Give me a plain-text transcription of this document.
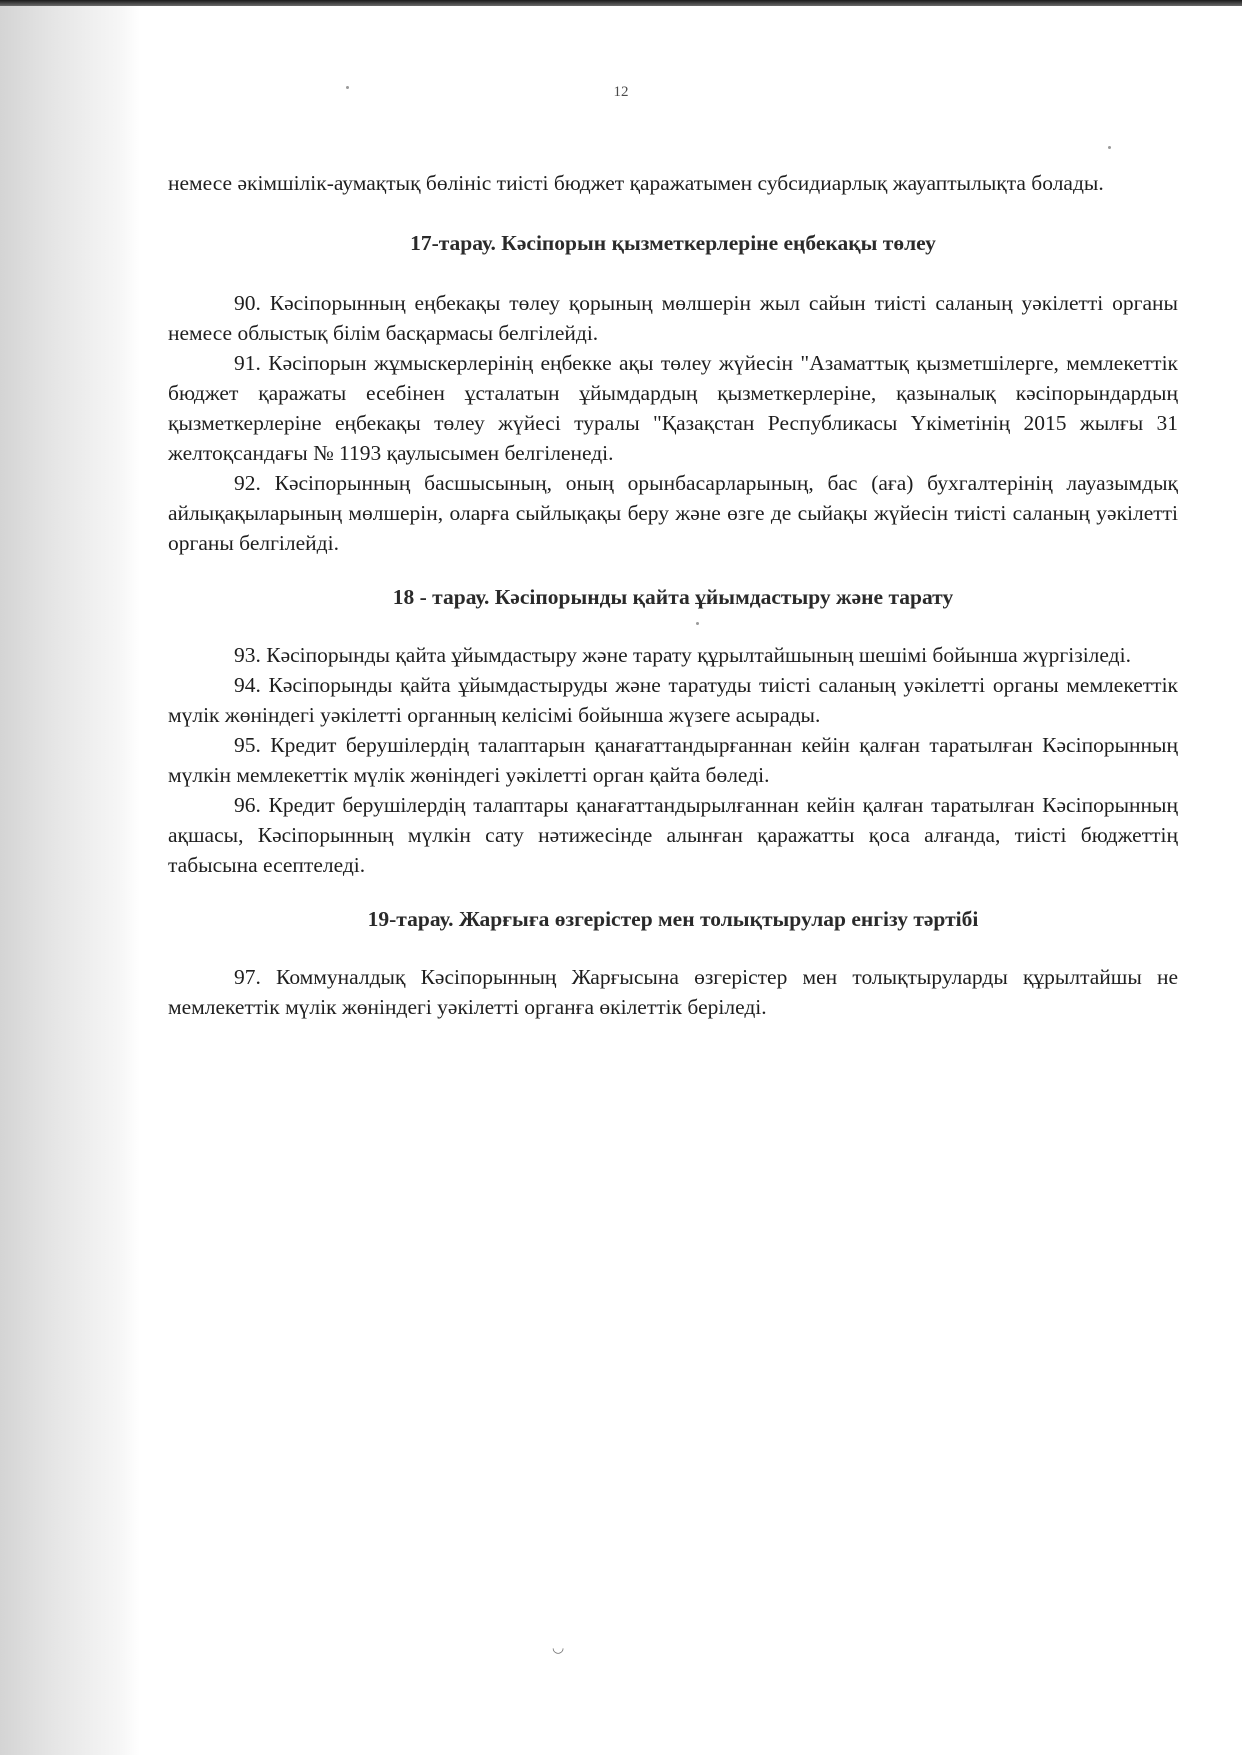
12

немесе әкімшілік-аумақтық бөлініс тиісті бюджет қаражатымен субсидиарлық жауаптылықта болады.

17-тарау. Кәсіпорын қызметкерлеріне еңбекақы төлеу

90. Кәсіпорынның еңбекақы төлеу қорының мөлшерін жыл сайын тиісті саланың уәкілетті органы немесе облыстық білім басқармасы белгілейді.

91. Кәсіпорын жұмыскерлерінің еңбекке ақы төлеу жүйесін "Азаматтық қызметшілерге, мемлекеттік бюджет қаражаты есебінен ұсталатын ұйымдардың қызметкерлеріне, қазыналық кәсіпорындардың қызметкерлеріне еңбекақы төлеу жүйесі туралы "Қазақстан Республикасы Үкіметінің 2015 жылғы 31 желтоқсандағы № 1193 қаулысымен белгіленеді.

92. Кәсіпорынның басшысының, оның орынбасарларының, бас (аға) бухгалтерінің лауазымдық айлықақыларының мөлшерін, оларға сыйлықақы беру және өзге де сыйақы жүйесін тиісті саланың уәкілетті органы белгілейді.

18 - тарау. Кәсіпорынды қайта ұйымдастыру және тарату

93. Кәсіпорынды қайта ұйымдастыру және тарату құрылтайшының шешімі бойынша жүргізіледі.

94. Кәсіпорынды қайта ұйымдастыруды және таратуды тиісті саланың уәкілетті органы мемлекеттік мүлік жөніндегі уәкілетті органның келісімі бойынша жүзеге асырады.

95. Кредит берушілердің талаптарын қанағаттандырғаннан кейін қалған таратылған Кәсіпорынның мүлкін мемлекеттік мүлік жөніндегі уәкілетті орган қайта бөледі.

96. Кредит берушілердің талаптары қанағаттандырылғаннан кейін қалған таратылған Кәсіпорынның ақшасы, Кәсіпорынның мүлкін сату нәтижесінде алынған қаражатты қоса алғанда, тиісті бюджеттің табысына есептеледі.

19-тарау. Жарғыға өзгерістер мен толықтырулар енгізу тәртібі

97. Коммуналдық Кәсіпорынның Жарғысына өзгерістер мен толықтыруларды құрылтайшы не мемлекеттік мүлік жөніндегі уәкілетті органға өкілеттік беріледі.

◡
